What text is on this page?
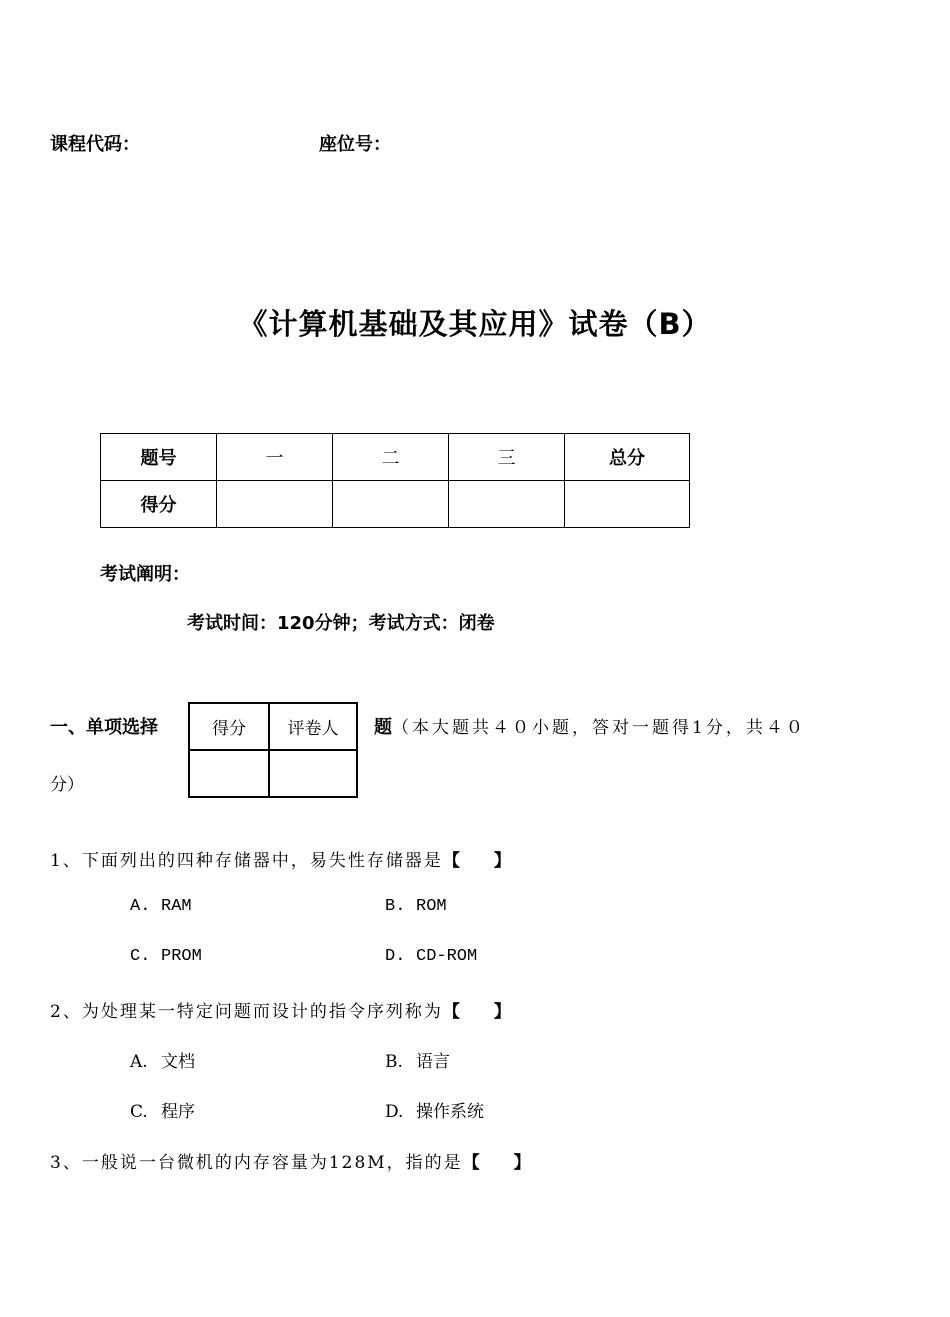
课程代码：	座位号：
《计算机基础及其应用》试卷（B）
题号	一	二	三	总分
得分				
考试阐明：
考试时间：120分钟；考试方式：闭卷
一、单项选择	得分	评卷人
	题（本大题共４０小题，答对一题得1分，共４０
分）
1、下面列出的四种存储器中，易失性存储器是【　　】
A. RAM	B. ROM
C. PROM	D. CD-ROM
2、为处理某一特定问题而设计的指令序列称为【　　】
A. 文档	B. 语言
C. 程序	D. 操作系统
3、一般说一台微机的内存容量为128M，指的是【　　】
